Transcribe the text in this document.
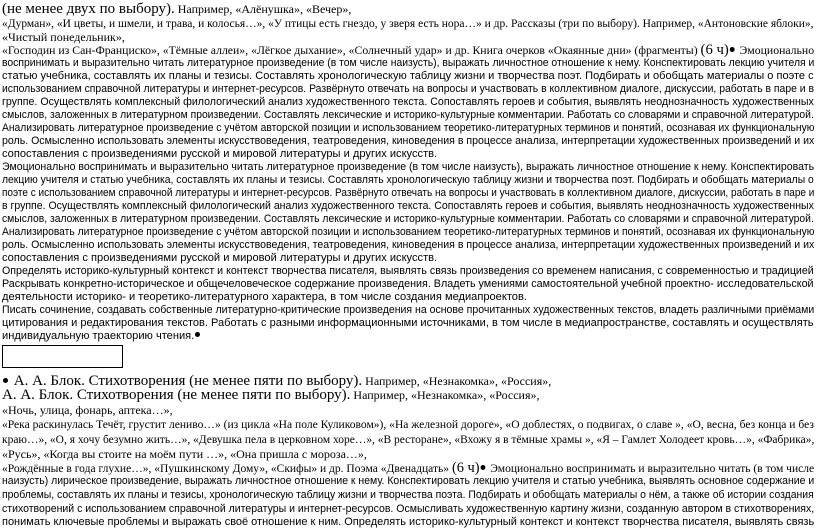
(не менее двух по выбору). Например, «Алёнушка», «Вечер»,
«Дурман», «И цветы, и шмели, и трава, и колосья…», «У птицы есть гнездо, у зверя есть нора…» и др. Рассказы (три по выбору). Например, «Антоновские яблоки»,
«Чистый понедельник»,
«Господин из Сан-Франциско», «Тёмные аллеи», «Лёгкое дыхание», «Солнечный удар» и др. Книга очерков «Окаянные дни» (фрагменты) (6 ч) Эмоционально
воспринимать и выразительно читать литературное произведение (в том числе наизусть), выражать личностное отношение к нему. Конспектировать лекцию учителя и
статью учебника, составлять их планы и тезисы. Составлять хронологическую таблицу жизни и творчества поэт. Подбирать и обобщать материалы о поэте с
использованием справочной литературы и интернет-ресурсов. Развёрнуто отвечать на вопросы и участвовать в коллективном диалоге, дискуссии, работать в паре и в
группе. Осуществлять комплексный филологический анализ художественного текста. Сопоставлять героев и события, выявлять неоднозначность художественных
смыслов, заложенных в литературном произведении. Составлять лексические и историко-культурные комментарии. Работать со словарями и справочной литературой.
Анализировать литературное произведение с учётом авторской позиции и использованием теоретико-литературных терминов и понятий, осознавая их функциональную
роль. Осмысленно использовать элементы искусствоведения, театроведения, киноведения в процессе анализа, интерпретации художественных произведений и их
сопоставления с произведениями русской и мировой литературы и других искусств.
Эмоционально воспринимать и выразительно читать литературное произведение (в том числе наизусть), выражать личностное отношение к нему. Конспектировать
лекцию учителя и статью учебника, составлять их планы и тезисы. Составлять хронологическую таблицу жизни и творчества поэт. Подбирать и обобщать материалы о
поэте с использованием справочной литературы и интернет-ресурсов. Развёрнуто отвечать на вопросы и участвовать в коллективном диалоге, дискуссии, работать в паре и
в группе. Осуществлять комплексный филологический анализ художественного текста. Сопоставлять героев и события, выявлять неоднозначность художественных
смыслов, заложенных в литературном произведении. Составлять лексические и историко-культурные комментарии. Работать со словарями и справочной литературой.
Анализировать литературное произведение с учётом авторской позиции и использованием теоретико-литературных терминов и понятий, осознавая их функциональную
роль. Осмысленно использовать элементы искусствоведения, театроведения, киноведения в процессе анализа, интерпретации художественных произведений и их
сопоставления с произведениями русской и мировой литературы и других искусств.
Определять историко-культурный контекст и контекст творчества писателя, выявлять связь произведения со временем написания, с современностью и традицией
Раскрывать конкретно-историческое и общечеловеческое содержание произведения. Владеть умениями самостоятельной учебной проектно- исследовательской
деятельности историко- и теоретико-литературного характера, в том числе создания медиапроектов.
Писать сочинение, создавать собственные литературно-критические произведения на основе прочитанных художественных текстов, владеть различными приёмами
цитирования и редактирования текстов. Работать с разными информационными источниками, в том числе в медиапространстве, составлять и осуществлять
индивидуальную траекторию чтения.
А. А. Блок. Стихотворения (не менее пяти по выбору). Например, «Незнакомка», «Россия»,
А. А. Блок. Стихотворения (не менее пяти по выбору). Например, «Незнакомка», «Россия»,
«Ночь, улица, фонарь, аптека…»,
«Река раскинулась Течёт, грустит лениво…» (из цикла «На поле Куликовом»), «На железной дороге», «О доблестях, о подвигах, о славе », «О, весна, без конца и без
краю…», «О, я хочу безумно жить…», «Девушка пела в церковном хоре…», «В ресторане», «Вхожу я в тёмные храмы », «Я – Гамлет Холодеет кровь…», «Фабрика»,
«Русь», «Когда вы стоите на моём пути …», «Она пришла с мороза…»,
«Рождённые в года глухие…», «Пушкинскому Дому», «Скифы» и др. Поэма «Двенадцать» (6 ч) Эмоционально воспринимать и выразительно читать (в том числе
наизусть) лирическое произведение, выражать личностное отношение к нему. Конспектировать лекцию учителя и статью учебника, выявлять основное содержание и
проблемы, составлять их планы и тезисы, хронологическую таблицу жизни и творчества поэта. Подбирать и обобщать материалы о нём, а также об истории создания
стихотворений с использованием справочной литературы и интернет-ресурсов. Осмысливать художественную картину жизни, созданную автором в стихотворениях,
понимать ключевые проблемы и выражать своё отношение к ним. Определять историко-культурный контекст и контекст творчества писателя, выявлять связь
